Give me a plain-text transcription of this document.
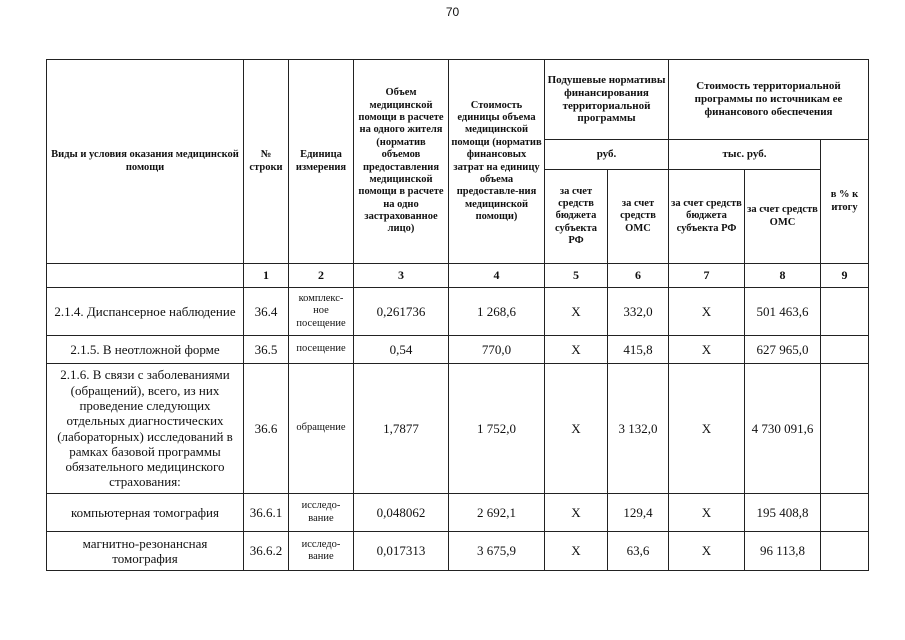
70
Виды и условия оказания медицинской помощи	№ строки	Единица измерения	Объем медицинской помощи в расчете на одного жителя (норматив объемов предоставления медицинской помощи в расчете на одно застрахованное лицо)	Стоимость единицы объема медицинской помощи (норматив финансовых затрат на единицу объема предоставле-ния медицинской помощи)	Подушевые нормативы финансирования территориальной программы		Стоимость территориальной программы по источникам ее финансового обеспечения		
					руб.		тыс. руб.		в % к итогу
					за счет средств бюджета субъекта РФ	за счет средств ОМС	за счет средств бюджета субъекта РФ	за счет средств ОМС	
	1	2	3	4	5	6	7	8	9
2.1.4. Диспансерное наблюдение	36.4	комплекс-ное посещение	0,261736	1 268,6	Х	332,0	Х	501 463,6	
2.1.5. В неотложной форме	36.5	посещение	0,54	770,0	Х	415,8	Х	627 965,0	
2.1.6. В связи с заболеваниями (обращений), всего, из них проведение следующих отдельных диагностических (лабораторных) исследований в рамках базовой программы обязательного медицинского страхования:	36.6	обращение	1,7877	1 752,0	Х	3 132,0	Х	4 730 091,6	
компьютерная томография	36.6.1	исследо-вание	0,048062	2 692,1	Х	129,4	Х	195 408,8	
магнитно-резонансная томография	36.6.2	исследо-вание	0,017313	3 675,9	Х	63,6	Х	96 113,8	
